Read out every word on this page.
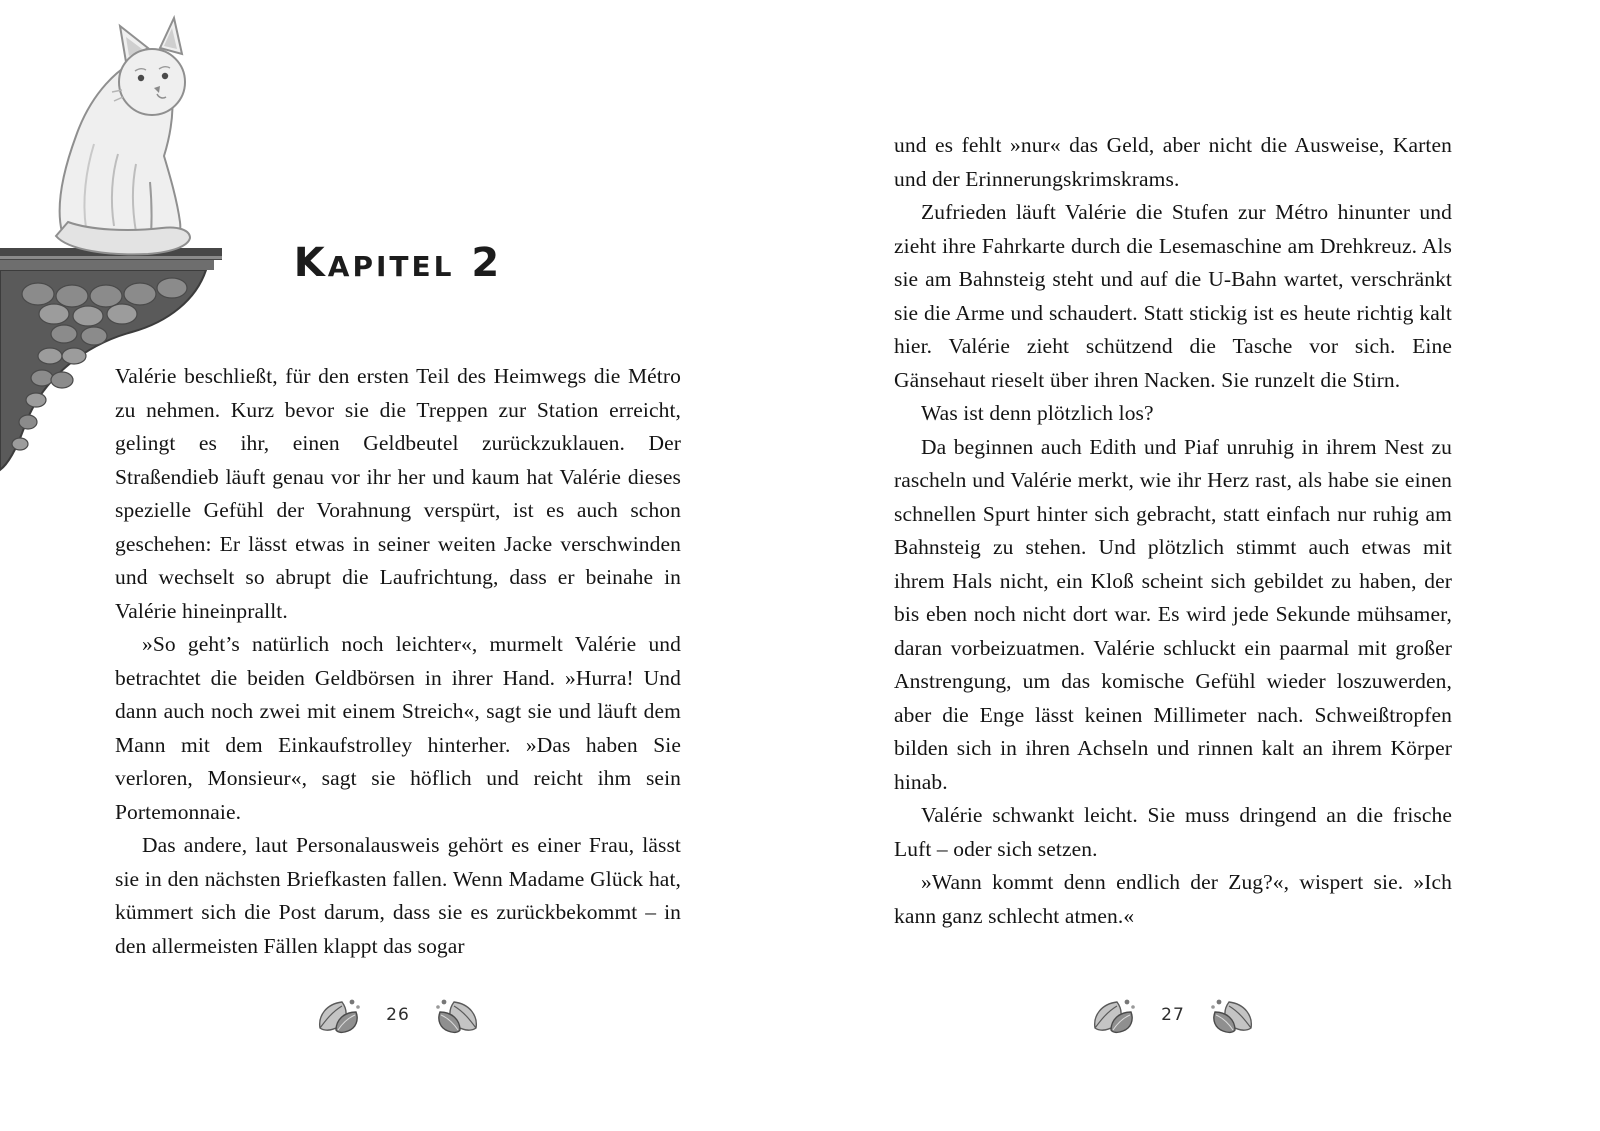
Kapitel 2

Valérie beschließt, für den ersten Teil des Heimwegs die Métro zu nehmen. Kurz bevor sie die Treppen zur Station erreicht, gelingt es ihr, einen Geldbeutel zurückzuklauen. Der Straßendieb läuft genau vor ihr her und kaum hat Valérie dieses spezielle Gefühl der Vorahnung verspürt, ist es auch schon geschehen: Er lässt etwas in seiner weiten Jacke verschwinden und wechselt so abrupt die Laufrichtung, dass er beinahe in Valérie hineinprallt.

»So geht’s natürlich noch leichter«, murmelt Valérie und betrachtet die beiden Geldbörsen in ihrer Hand. »Hurra! Und dann auch noch zwei mit einem Streich«, sagt sie und läuft dem Mann mit dem Einkaufstrolley hinterher. »Das haben Sie verloren, Monsieur«, sagt sie höflich und reicht ihm sein Portemonnaie.

Das andere, laut Personalausweis gehört es einer Frau, lässt sie in den nächsten Briefkasten fallen. Wenn Madame Glück hat, kümmert sich die Post darum, dass sie es zurückbekommt – in den allermeisten Fällen klappt das sogar

26

und es fehlt »nur« das Geld, aber nicht die Ausweise, Karten und der Erinnerungskrimskrams.

Zufrieden läuft Valérie die Stufen zur Métro hinunter und zieht ihre Fahrkarte durch die Lesemaschine am Drehkreuz. Als sie am Bahnsteig steht und auf die U-Bahn wartet, verschränkt sie die Arme und schaudert. Statt stickig ist es heute richtig kalt hier. Valérie zieht schützend die Tasche vor sich. Eine Gänsehaut rieselt über ihren Nacken. Sie runzelt die Stirn.

Was ist denn plötzlich los?

Da beginnen auch Edith und Piaf unruhig in ihrem Nest zu rascheln und Valérie merkt, wie ihr Herz rast, als habe sie einen schnellen Spurt hinter sich gebracht, statt einfach nur ruhig am Bahnsteig zu stehen. Und plötzlich stimmt auch etwas mit ihrem Hals nicht, ein Kloß scheint sich gebildet zu haben, der bis eben noch nicht dort war. Es wird jede Sekunde mühsamer, daran vorbeizuatmen. Valérie schluckt ein paarmal mit großer Anstrengung, um das komische Gefühl wieder loszuwerden, aber die Enge lässt keinen Millimeter nach. Schweißtropfen bilden sich in ihren Achseln und rinnen kalt an ihrem Körper hinab.

Valérie schwankt leicht. Sie muss dringend an die frische Luft – oder sich setzen.

»Wann kommt denn endlich der Zug?«, wispert sie. »Ich kann ganz schlecht atmen.«

27
